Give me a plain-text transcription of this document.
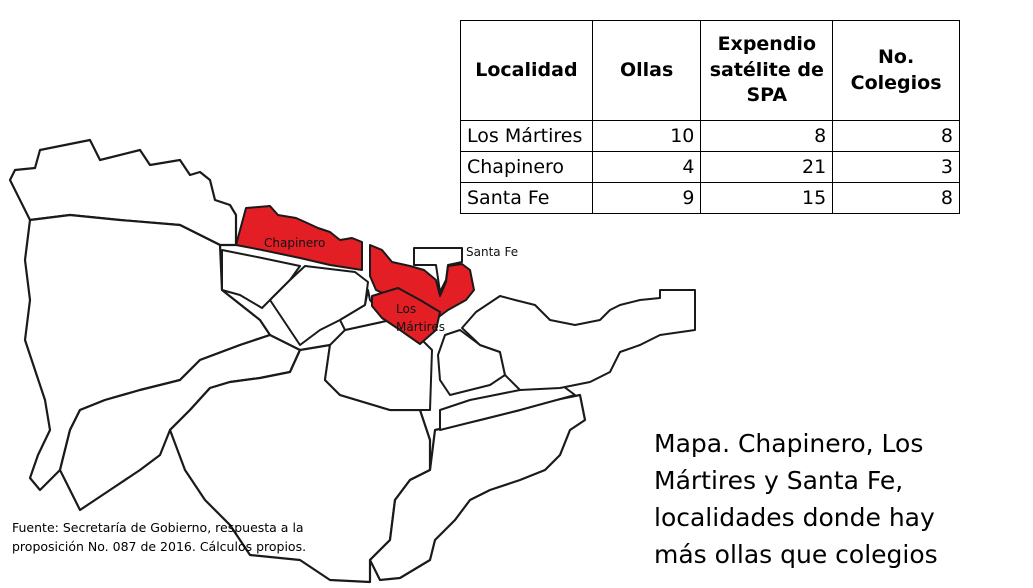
Chapinero
Santa Fe
Los
Mártires
Localidad	Ollas	Expendio satélite de SPA	No. Colegios
Los Mártires	10	8	8
Chapinero	4	21	3
Santa Fe	9	15	8
Fuente: Secretaría de Gobierno, respuesta a la proposición No. 087 de 2016. Cálculos propios.
Mapa. Chapinero, Los Mártires y Santa Fe, localidades donde hay más ollas que colegios
